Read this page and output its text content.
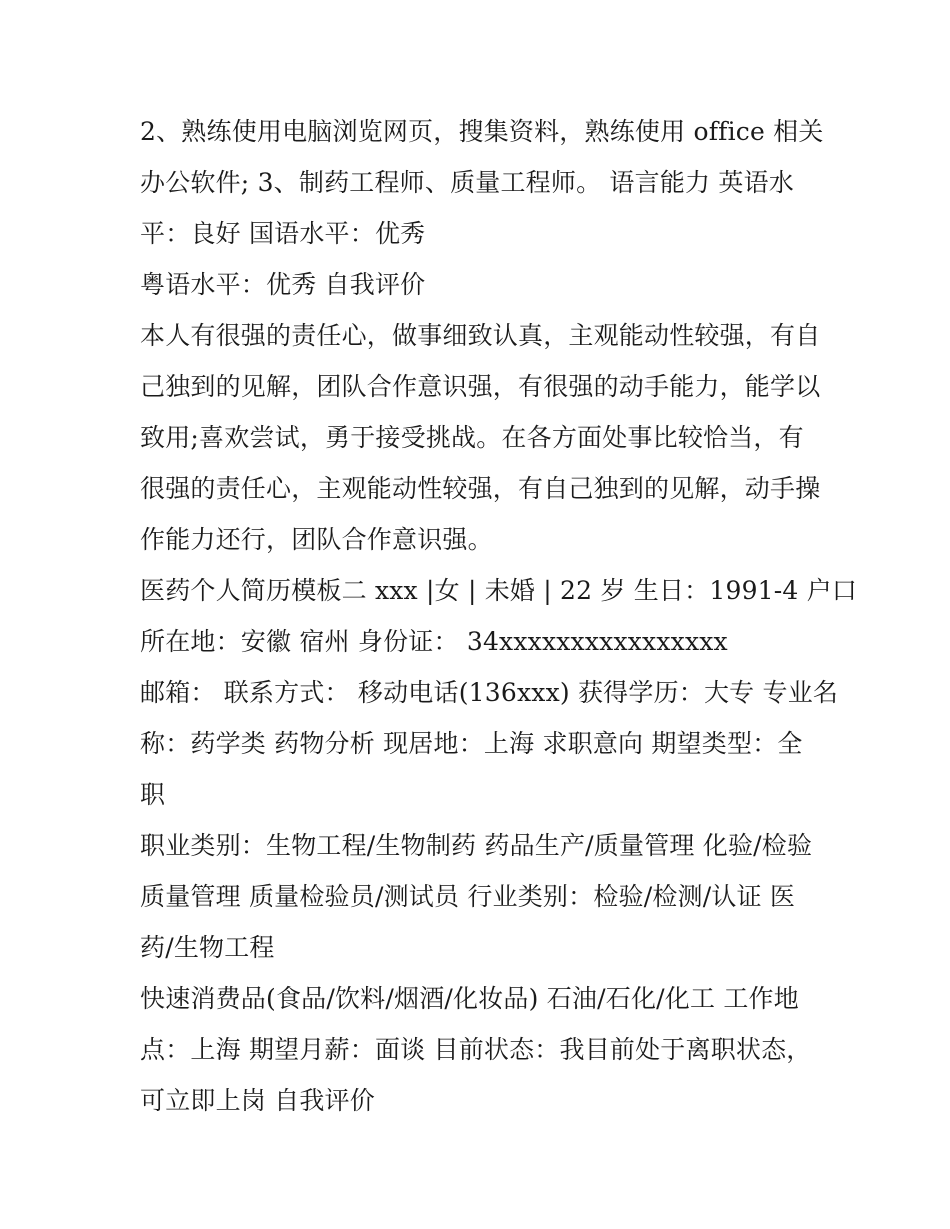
2、熟练使用电脑浏览网页，搜集资料，熟练使用 office 相关
办公软件; 3、制药工程师、质量工程师。 语言能力 英语水
平：良好 国语水平：优秀
粤语水平：优秀 自我评价
本人有很强的责任心，做事细致认真，主观能动性较强，有自
己独到的见解，团队合作意识强，有很强的动手能力，能学以
致用;喜欢尝试，勇于接受挑战。在各方面处事比较恰当，有
很强的责任心，主观能动性较强，有自己独到的见解，动手操
作能力还行，团队合作意识强。
医药个人简历模板二 xxx |女 | 未婚 | 22 岁 生日：1991-4 户口
所在地：安徽 宿州 身份证： 34xxxxxxxxxxxxxxxx
邮箱： 联系方式： 移动电话(136xxx) 获得学历：大专 专业名
称：药学类 药物分析 现居地：上海 求职意向 期望类型：全
职
职业类别：生物工程/生物制药 药品生产/质量管理 化验/检验
质量管理 质量检验员/测试员 行业类别：检验/检测/认证 医
药/生物工程
快速消费品(食品/饮料/烟酒/化妆品) 石油/石化/化工 工作地
点：上海 期望月薪：面谈 目前状态：我目前处于离职状态，
可立即上岗 自我评价
